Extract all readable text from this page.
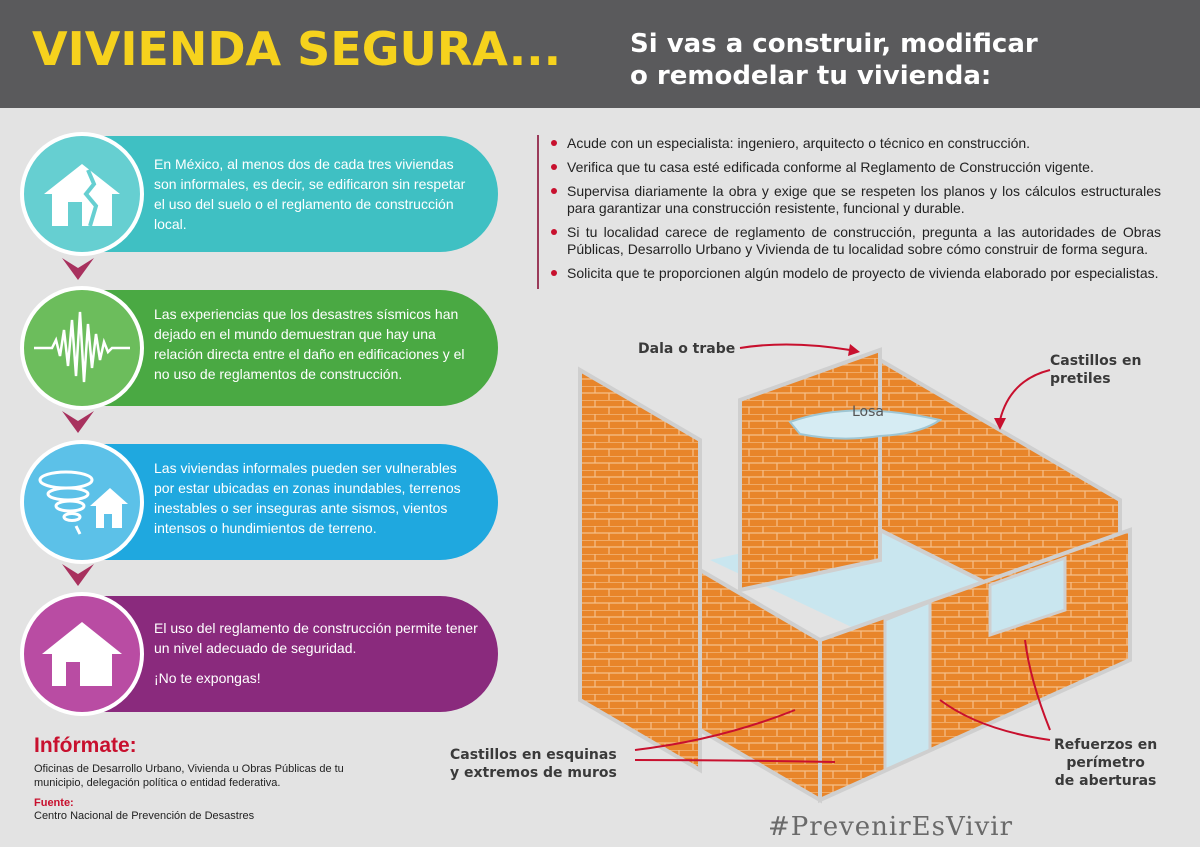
VIVIENDA SEGURA...	Si vas a construir, modificar
o remodelar tu vivienda:
En México, al menos dos de cada tres viviendas son informales, es decir, se edificaron sin respetar el uso del suelo o el reglamento de construcción local.
Las experiencias que los desastres sísmicos han dejado en el mundo demuestran que hay una relación directa entre el daño en edificaciones y el no uso de reglamentos de construcción.
Las viviendas informales pueden ser vulnerables por estar ubicadas en zonas inundables, terrenos inestables o ser inseguras ante sismos, vientos intensos o hundimientos de terreno.
El uso del reglamento de construcción permite tener un nivel adecuado de seguridad.
¡No te expongas!
Infórmate:
Oficinas de Desarrollo Urbano, Vivienda u Obras Públicas de tu municipio, delegación política o entidad federativa.
Fuente:
Centro Nacional de Prevención de Desastres
Acude con un especialista: ingeniero, arquitecto o técnico en construcción.
Verifica que tu casa esté edificada conforme al Reglamento de Construcción vigente.
Supervisa diariamente la obra y exige que se respeten los planos y los cálculos estructurales para garantizar una construcción resistente, funcional y durable.
Si tu localidad carece de reglamento de construcción, pregunta a las autoridades de Obras Públicas, Desarrollo Urbano y Vivienda de tu localidad sobre cómo construir de forma segura.
Solicita que te proporcionen algún modelo de proyecto de vivienda elaborado por especialistas.
Dala o trabe
Castillos en
pretiles
Losa
Castillos en esquinas
y extremos de muros
Refuerzos en
perímetro
de aberturas
#PrevenirEsVivir
